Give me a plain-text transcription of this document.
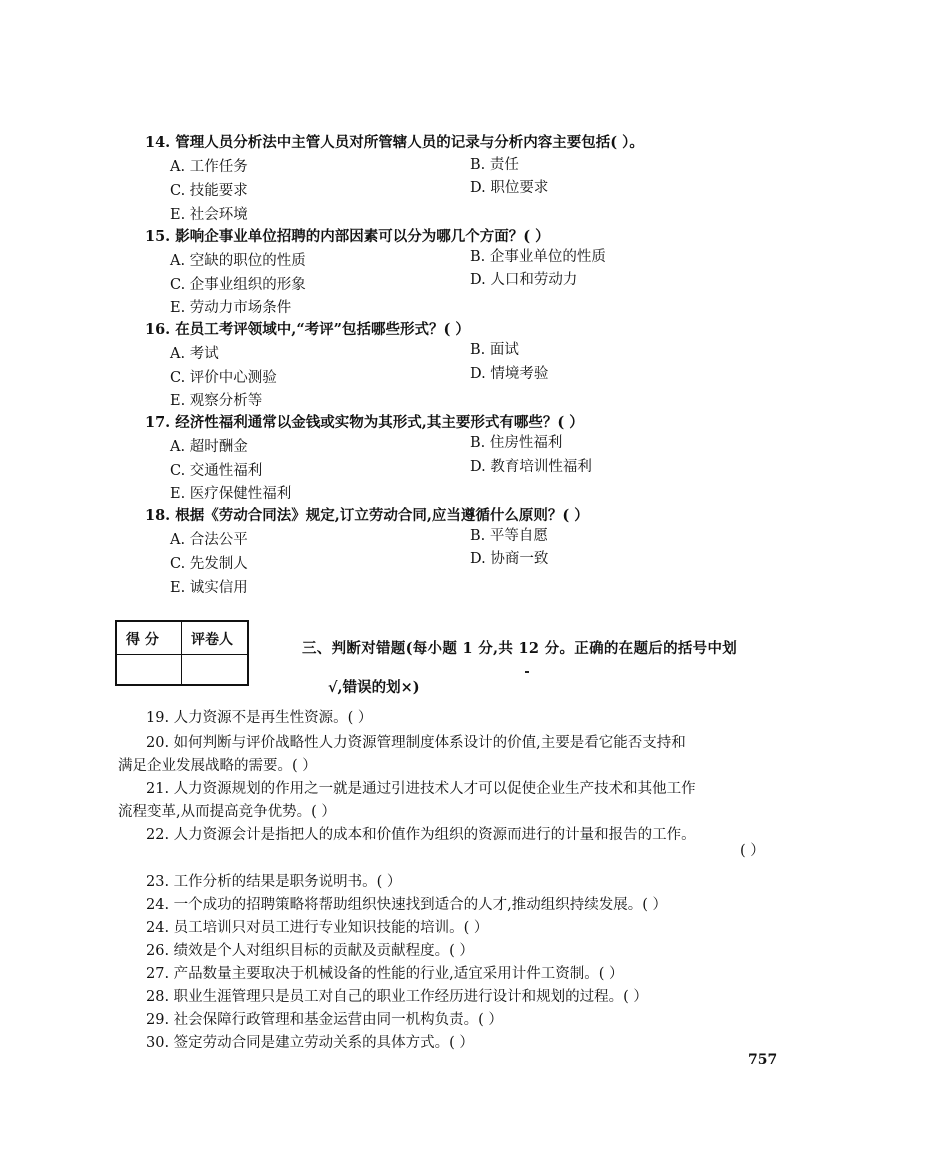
14. 管理人员分析法中主管人员对所管辖人员的记录与分析内容主要包括( ）。
A. 工作任务	B. 责任
C. 技能要求	D. 职位要求
E. 社会环境
15. 影响企事业单位招聘的内部因素可以分为哪几个方面？( ）
A. 空缺的职位的性质	B. 企事业单位的性质
C. 企事业组织的形象	D. 人口和劳动力
E. 劳动力市场条件
16. 在员工考评领域中,“考评”包括哪些形式？( ）
A. 考试	B. 面试
C. 评价中心测验	D. 情境考验
E. 观察分析等
17. 经济性福利通常以金钱或实物为其形式,其主要形式有哪些？( ）
A. 超时酬金	B. 住房性福利
C. 交通性福利	D. 教育培训性福利
E. 医疗保健性福利
18. 根据《劳动合同法》规定,订立劳动合同,应当遵循什么原则？( ）
A. 合法公平	B. 平等自愿
C. 先发制人	D. 协商一致
E. 诚实信用
得 分 评卷人	三、判断对错题(每小题 1 分,共 12 分。正确的在题后的括号中划
√,错误的划×)
19. 人力资源不是再生性资源。( ）
20. 如何判断与评价战略性人力资源管理制度体系设计的价值,主要是看它能否支持和
满足企业发展战略的需要。( ）
21. 人力资源规划的作用之一就是通过引进技术人才可以促使企业生产技术和其他工作
流程变革,从而提高竞争优势。( ）
22. 人力资源会计是指把人的成本和价值作为组织的资源而进行的计量和报告的工作。
( ）
23. 工作分析的结果是职务说明书。( ）
24. 一个成功的招聘策略将帮助组织快速找到适合的人才,推动组织持续发展。( ）
24. 员工培训只对员工进行专业知识技能的培训。( ）
26. 绩效是个人对组织目标的贡献及贡献程度。( ）
27. 产品数量主要取决于机械设备的性能的行业,适宜采用计件工资制。( ）
28. 职业生涯管理只是员工对自己的职业工作经历进行设计和规划的过程。( ）
29. 社会保障行政管理和基金运营由同一机构负责。( ）
30. 签定劳动合同是建立劳动关系的具体方式。( ）
757
